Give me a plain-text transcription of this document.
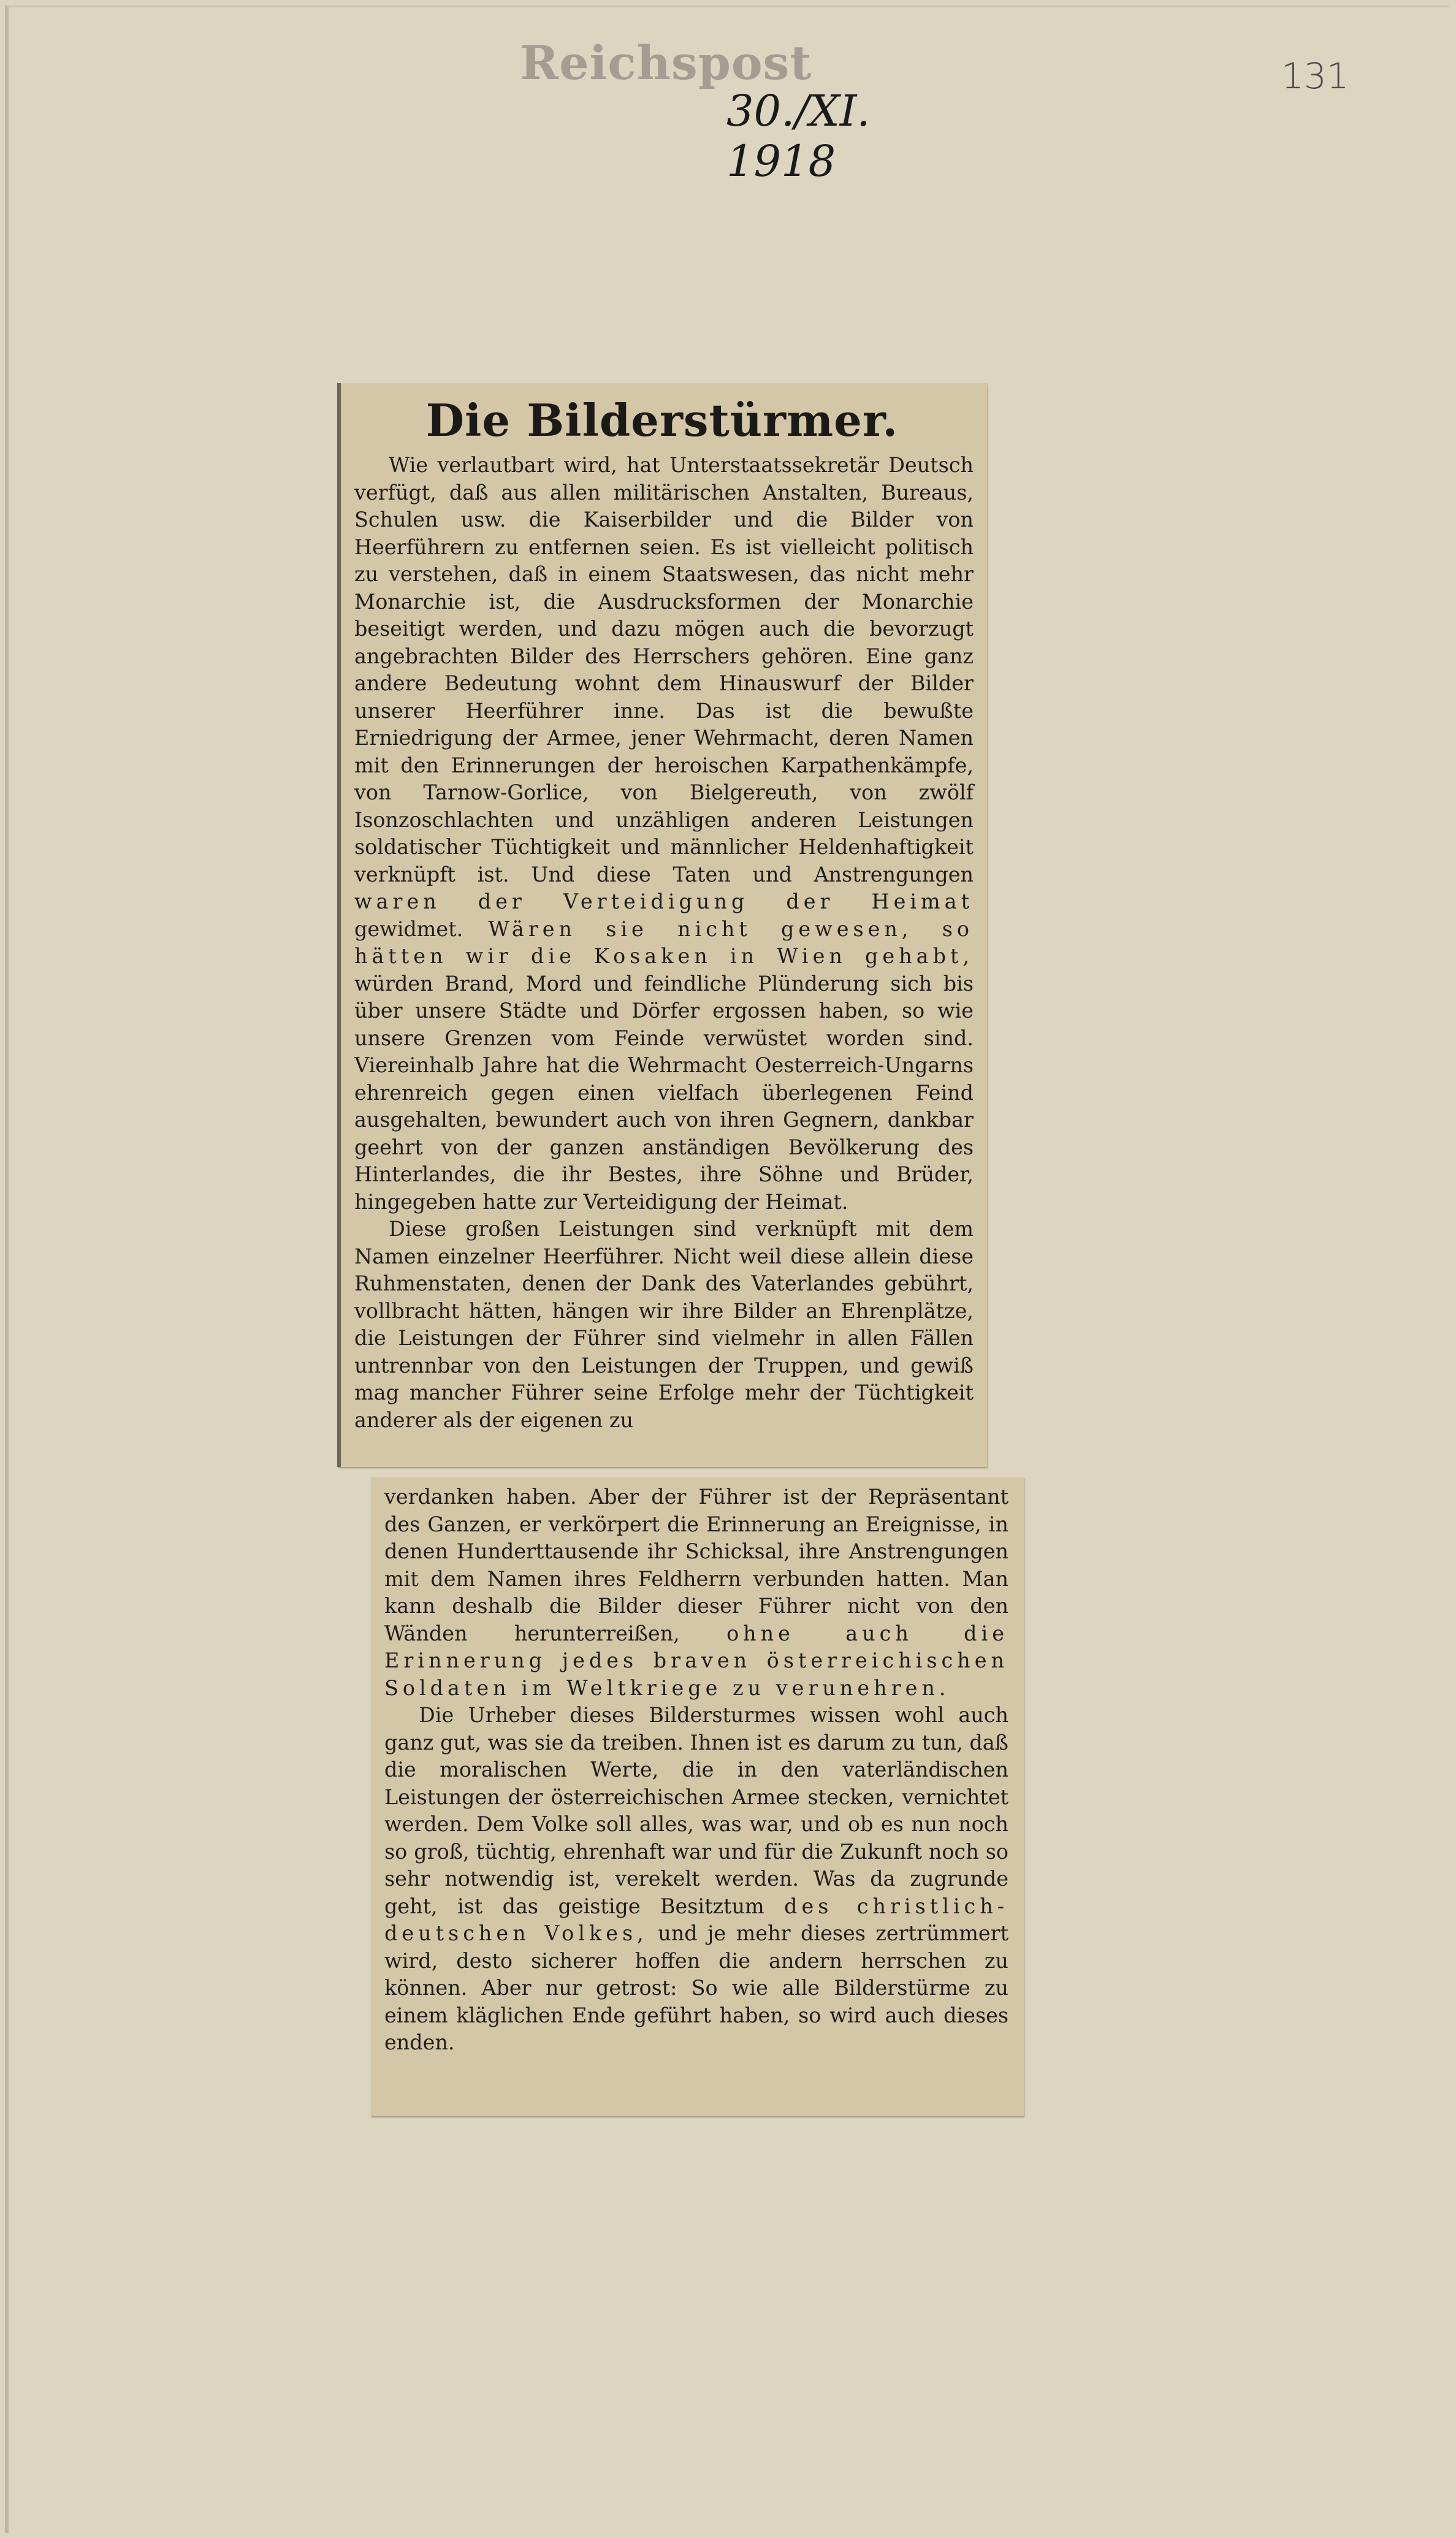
Reichspost
30./XI. 1918
131
Die Bilderstürmer.

Wie verlautbart wird, hat Unterstaatssekretär Deutsch verfügt, daß aus allen militärischen Anstalten, Bureaus, Schulen usw. die Kaiserbilder und die Bilder von Heerführern zu entfernen seien. Es ist vielleicht politisch zu verstehen, daß in einem Staatswesen, das nicht mehr Monarchie ist, die Ausdrucksformen der Monarchie beseitigt werden, und dazu mögen auch die bevorzugt angebrachten Bilder des Herrschers gehören. Eine ganz andere Bedeutung wohnt dem Hinauswurf der Bilder unserer Heerführer inne. Das ist die bewußte Erniedrigung der Armee, jener Wehrmacht, deren Namen mit den Erinnerungen der heroischen Karpathenkämpfe, von Tarnow-Gorlice, von Bielgereuth, von zwölf Isonzoschlachten und unzähligen anderen Leistungen soldatischer Tüchtigkeit und männlicher Heldenhaftigkeit verknüpft ist. Und diese Taten und Anstrengungen waren der Verteidigung der Heimat gewidmet. Wären sie nicht gewesen, so hätten wir die Kosaken in Wien gehabt, würden Brand, Mord und feindliche Plünderung sich bis über unsere Städte und Dörfer ergossen haben, so wie unsere Grenzen vom Feinde verwüstet worden sind. Viereinhalb Jahre hat die Wehrmacht Oesterreich-Ungarns ehrenreich gegen einen vielfach überlegenen Feind ausgehalten, bewundert auch von ihren Gegnern, dankbar geehrt von der ganzen anständigen Bevölkerung des Hinterlandes, die ihr Bestes, ihre Söhne und Brüder, hingegeben hatte zur Verteidigung der Heimat.

Diese großen Leistungen sind verknüpft mit dem Namen einzelner Heerführer. Nicht weil diese allein diese Ruhmenstaten, denen der Dank des Vaterlandes gebührt, vollbracht hätten, hängen wir ihre Bilder an Ehrenplätze, die Leistungen der Führer sind vielmehr in allen Fällen untrennbar von den Leistungen der Truppen, und gewiß mag mancher Führer seine Erfolge mehr der Tüchtigkeit anderer als der eigenen zu

verdanken haben. Aber der Führer ist der Repräsentant des Ganzen, er verkörpert die Erinnerung an Ereignisse, in denen Hunderttausende ihr Schicksal, ihre Anstrengungen mit dem Namen ihres Feldherrn verbunden hatten. Man kann deshalb die Bilder dieser Führer nicht von den Wänden herunterreißen, ohne auch die Erinnerung jedes braven österreichischen Soldaten im Weltkriege zu verunehren.

Die Urheber dieses Bildersturmes wissen wohl auch ganz gut, was sie da treiben. Ihnen ist es darum zu tun, daß die moralischen Werte, die in den vaterländischen Leistungen der österreichischen Armee stecken, vernichtet werden. Dem Volke soll alles, was war, und ob es nun noch so groß, tüchtig, ehrenhaft war und für die Zukunft noch so sehr notwendig ist, verekelt werden. Was da zugrunde geht, ist das geistige Besitztum des christlich-deutschen Volkes, und je mehr dieses zertrümmert wird, desto sicherer hoffen die andern herrschen zu können. Aber nur getrost: So wie alle Bilderstürme zu einem kläglichen Ende geführt haben, so wird auch dieses enden.
